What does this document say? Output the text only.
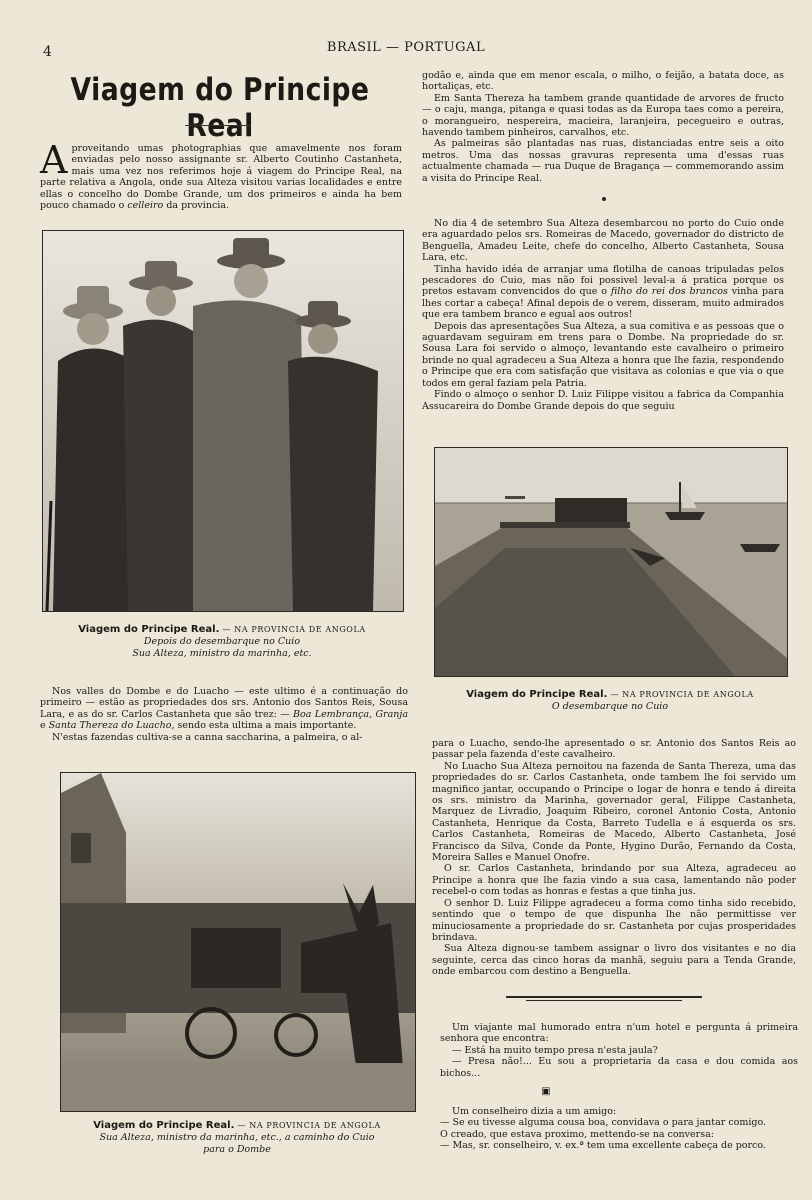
4	BRASIL — PORTUGAL
Viagem do Principe Real
A proveitando umas photographias que amavelmente nos foram enviadas pelo nosso assignante sr. Alberto Coutinho Castanheta, mais uma vez nos referimos hoje á viagem do Principe Real, na parte relativa a Angola, onde sua Alteza visitou varias localidades e entre ellas o concelho do Dombe Grande, um dos primeiros e ainda ha bem pouco chamado o celleiro da provincia.
Viagem do Principe Real. — NA PROVINCIA DE ANGOLA
Depois do desembarque no Cuio
Sua Alteza, ministro da marinha, etc.

Nos valles do Dombe e do Luacho — este ultimo é a continuação do primeiro — estão as propriedades dos srs. Antonio dos Santos Reis, Sousa Lara, e as do sr. Carlos Castanheta que são trez: — Boa Lembrança, Granja e Santa Thereza do Luacho, sendo esta ultima a mais importante.

N'estas fazendas cultiva-se a canna saccharina, a palmeira, o al-

Viagem do Principe Real. — NA PROVINCIA DE ANGOLA
Sua Alteza, ministro da marinha, etc., a caminho do Cuio
para o Dombe

godão e, ainda que em menor escala, o milho, o feijão, a batata doce, as hortaliças, etc.

Em Santa Thereza ha tambem grande quantidade de arvores de fructo — o caju, manga, pitanga e quasi todas as da Europa taes como a pereira, o morangueiro, nespereira, macieira, laranjeira, pecegueiro e outras, havendo tambem pinheiros, carvalhos, etc.

As palmeiras são plantadas nas ruas, distanciadas entre seis a oito metros. Uma das nossas gravuras representa uma d'essas ruas actualmente chamada — rua Duque de Bragança — commemorando assim a visita do Principe Real.

No dia 4 de setembro Sua Alteza desembarcou no porto do Cuio onde era aguardado pelos srs. Romeiras de Macedo, governador do districto de Benguella, Amadeu Leite, chefe do concelho, Alberto Castanheta, Sousa Lara, etc.

Tinha havido idéa de arranjar uma flotilha de canoas tripuladas pelos pescadores do Cuio, mas não foi possivel leval-a á pratica porque os pretos estavam convencidos do que o filho do rei dos brancos vinha para lhes cortar a cabeça! Afinal depois de o verem, disseram, muito admirados que era tambem branco e egual aos outros!

Depois das apresentações Sua Alteza, a sua comitiva e as pessoas que o aguardavam seguiram em trens para o Dombe. Na propriedade do sr. Sousa Lara foi servido o almoço, levantando este cavalheiro o primeiro brinde no qual agradeceu a Sua Alteza a honra que lhe fazia, respondendo o Principe que era com satisfação que visitava as colonias e que via o que todos em geral faziam pela Patria.

Findo o almoço o senhor D. Luiz Filippe visitou a fabrica da Companhia Assucareira do Dombe Grande depois do que seguiu

Viagem do Principe Real. — NA PROVINCIA DE ANGOLA
O desembarque no Cuio

para o Luacho, sendo-lhe apresentado o sr. Antonio dos Santos Reis ao passar pela fazenda d'este cavalheiro.

No Luacho Sua Alteza pernoitou na fazenda de Santa Thereza, uma das propriedades do sr. Carlos Castanheta, onde tambem lhe foi servido um magnifico jantar, occupando o Principe o logar de honra e tendo á direita os srs. ministro da Marinha, governador geral, Filippe Castanheta, Marquez de Livradio, Joaquim Ribeiro, coronel Antonio Costa, Antonio Castanheta, Henrique da Costa, Barreto Tudella e á esquerda os srs. Carlos Castanheta, Romeiras de Macedo, Alberto Castanheta, José Francisco da Silva, Conde da Ponte, Hygino Durão, Fernando da Costa, Moreira Salles e Manuel Onofre.

O sr. Carlos Castanheta, brindando por sua Alteza, agradeceu ao Principe a honra que lhe fazia vindo a sua casa, lamentando não poder recebel-o com todas as honras e festas a que tinha jus.

O senhor D. Luiz Filippe agradeceu a forma como tinha sido recebido, sentindo que o tempo de que dispunha lhe não permittisse ver minuciosamente a propriedade do sr. Castanheta por cujas prosperidades brindava.

Sua Alteza dignou-se tambem assignar o livro dos visitantes e no dia seguinte, cerca das cinco horas da manhã, seguiu para a Tenda Grande, onde embarcou com destino a Benguella.

Um viajante mal humorado entra n'um hotel e pergunta á primeira senhora que encontra:

— Está ha muito tempo presa n'esta jaula?

— Presa não!... Eu sou a proprietaria da casa e dou comida aos bichos...

▣

Um conselheiro dizia a um amigo:

— Se eu tivesse alguma cousa boa, convidava o para jantar comigo.

O creado, que estava proximo, mettendo-se na conversa:

— Mas, sr. conselheiro, v. ex.ª tem uma excellente cabeça de porco.
